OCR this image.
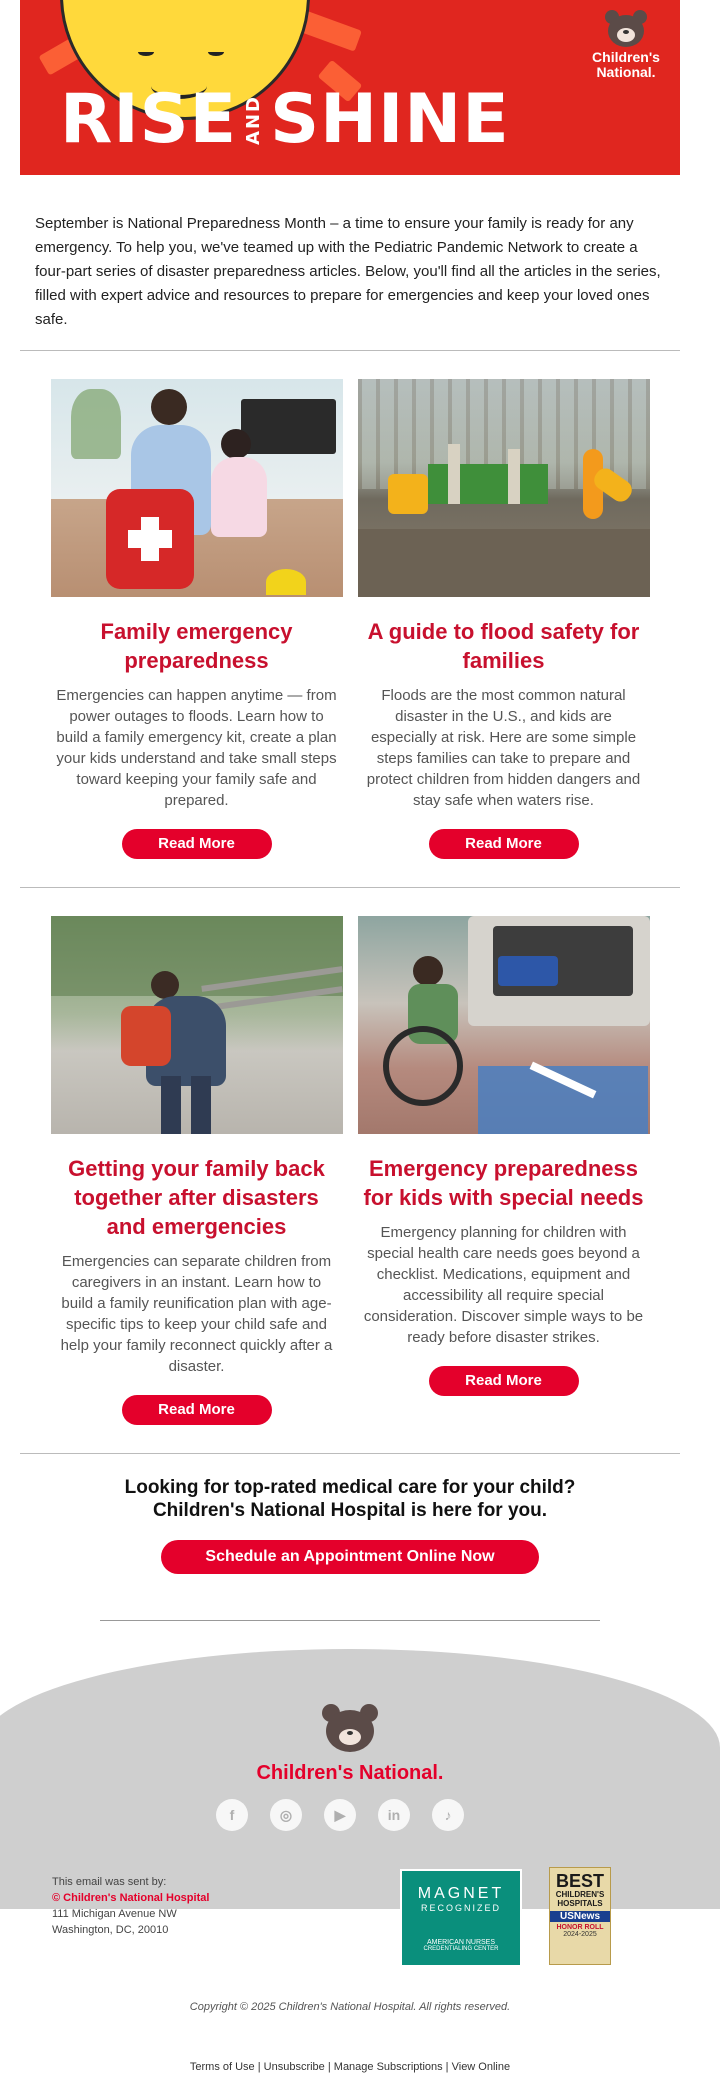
RISE AND SHINE
Children's
National.

September is National Preparedness Month – a time to ensure your family is ready for any emergency. To help you, we've teamed up with the Pediatric Pandemic Network to create a four-part series of disaster preparedness articles. Below, you'll find all the articles in the series, filled with expert advice and resources to prepare for emergencies and keep your loved ones safe.

Family emergency preparedness

Emergencies can happen anytime — from power outages to floods. Learn how to build a family emergency kit, create a plan your kids understand and take small steps toward keeping your family safe and prepared.

Read More
A guide to flood safety for families

Floods are the most common natural disaster in the U.S., and kids are especially at risk. Here are some simple steps families can take to prepare and protect children from hidden dangers and stay safe when waters rise.

Read More
Getting your family back together after disasters and emergencies

Emergencies can separate children from caregivers in an instant. Learn how to build a family reunification plan with age-specific tips to keep your child safe and help your family reconnect quickly after a disaster.

Read More
Emergency preparedness for kids with special needs

Emergency planning for children with special health care needs goes beyond a checklist. Medications, equipment and accessibility all require special consideration. Discover simple ways to be ready before disaster strikes.

Read More
Looking for top-rated medical care for your child?
Children's National Hospital is here for you.
Schedule an Appointment Online Now
Children's National.
f	◎	▶	in	♪
This email was sent by:
© Children's National Hospital
111 Michigan Avenue NW
Washington, DC, 20010
MAGNET
RECOGNIZED
AMERICAN NURSES
CREDENTIALING CENTER
BEST
CHILDREN'S
HOSPITALS
USNews
HONOR ROLL
2024-2025
Copyright © 2025 Children's National Hospital. All rights reserved.
Terms of Use | Unsubscribe | Manage Subscriptions | View Online
